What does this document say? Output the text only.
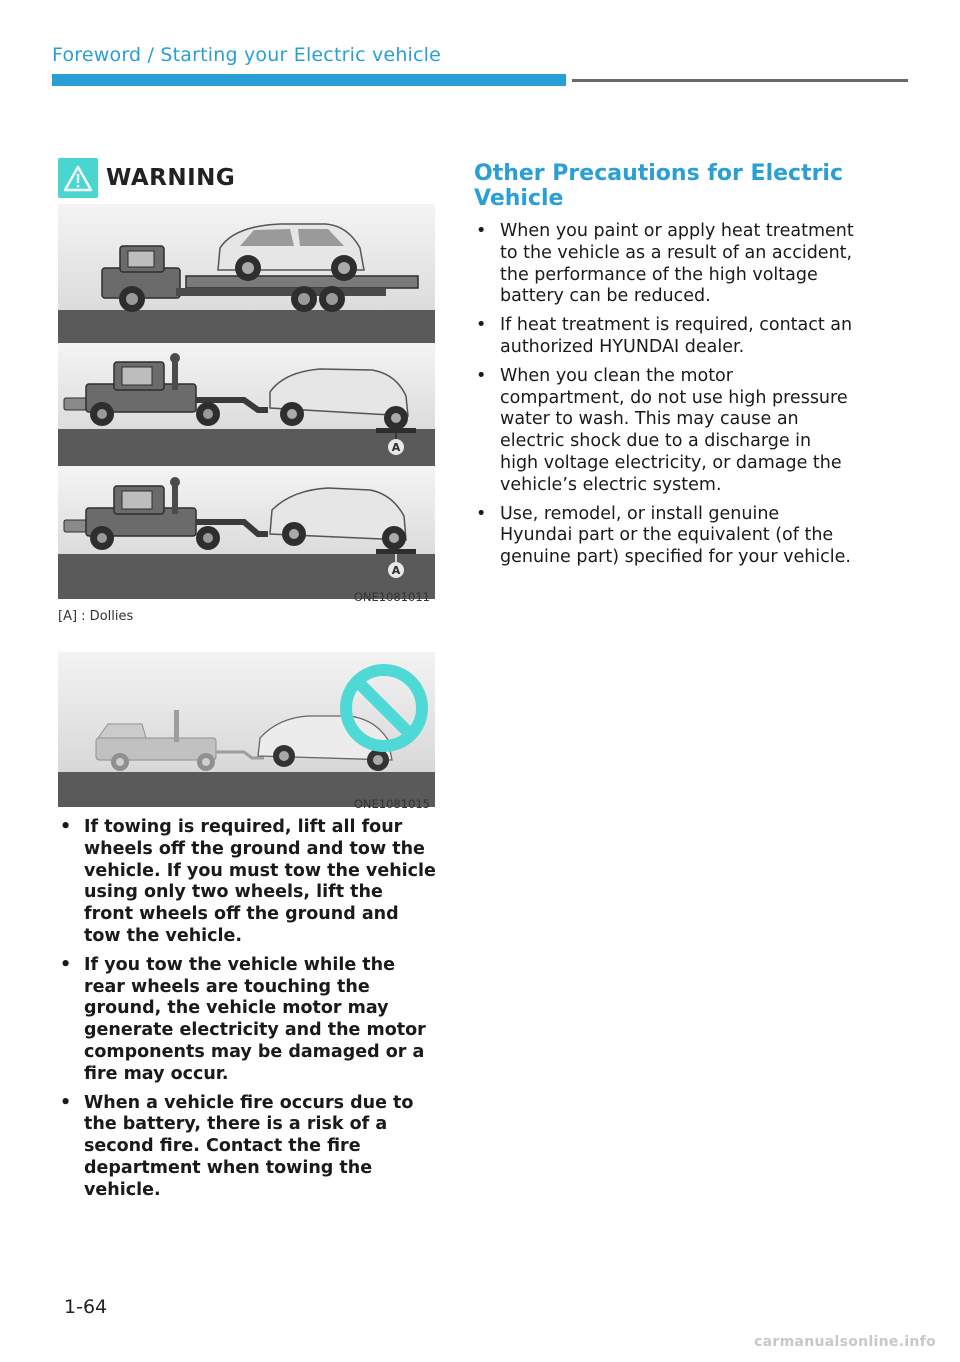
Foreword / Starting your Electric vehicle
WARNING
A
A
ONE1081011
[A] : Dollies
ONE1081015
• If towing is required, lift all four wheels off the ground and tow the vehicle. If you must tow the vehicle using only two wheels, lift the front wheels off the ground and tow the vehicle.
• If you tow the vehicle while the rear wheels are touching the ground, the vehicle motor may generate electricity and the motor components may be damaged or a fire may occur.
• When a vehicle fire occurs due to the battery, there is a risk of a second fire. Contact the fire department when towing the vehicle.
Other Precautions for Electric Vehicle
• When you paint or apply heat treatment to the vehicle as a result of an accident, the performance of the high voltage battery can be reduced.
• If heat treatment is required, contact an authorized HYUNDAI dealer.
• When you clean the motor compartment, do not use high pressure water to wash. This may cause an electric shock due to a discharge in high voltage electricity, or damage the vehicle’s electric system.
• Use, remodel, or install genuine Hyundai part or the equivalent (of the genuine part) specified for your vehicle.
1-64
carmanualsonline.info
